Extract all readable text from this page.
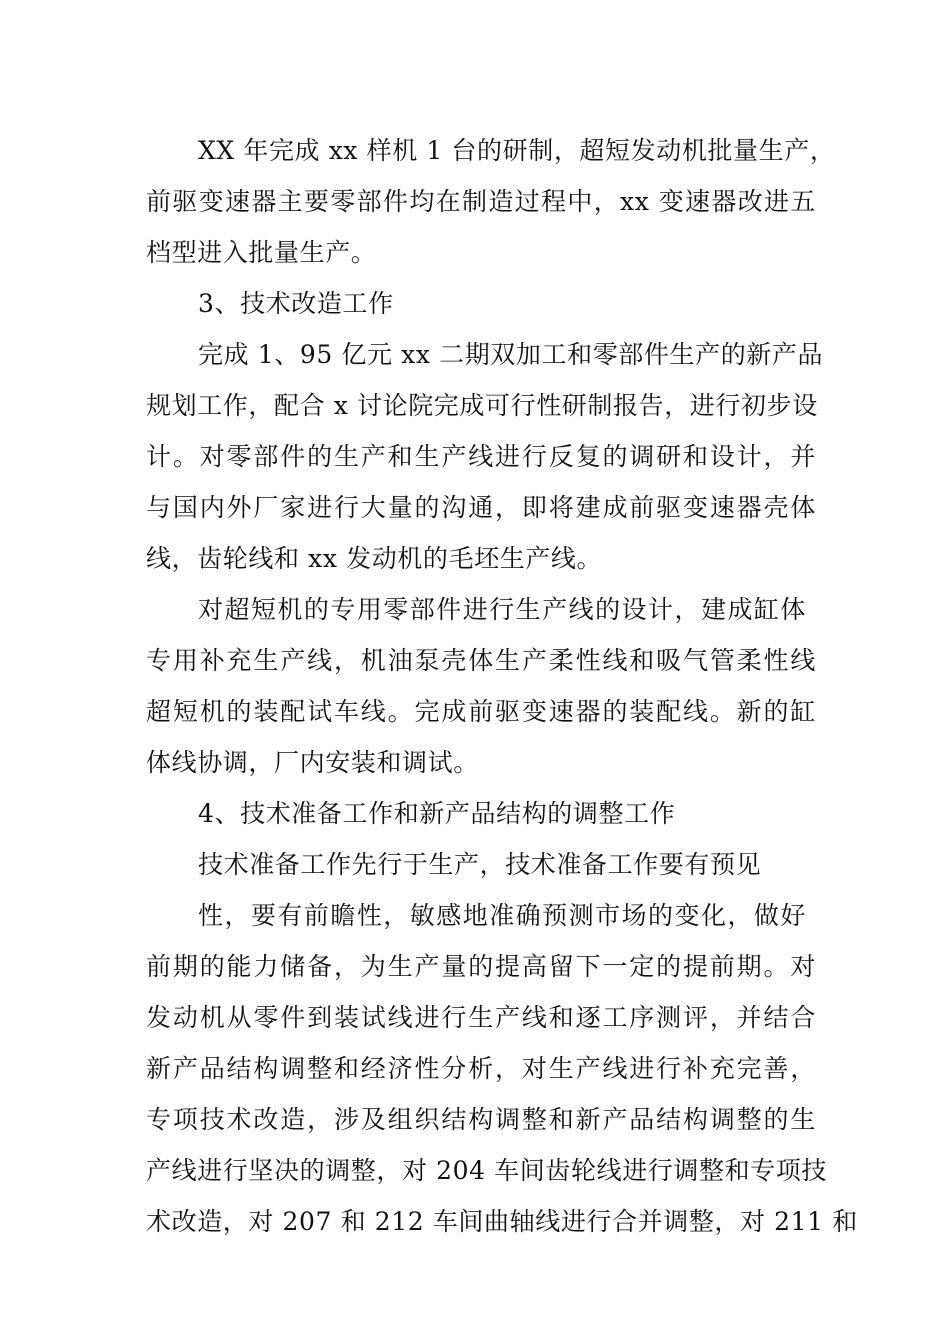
XX 年完成 xx 样机 1 台的研制，超短发动机批量生产，
前驱变速器主要零部件均在制造过程中，xx 变速器改进五
档型进入批量生产。
3、技术改造工作
完成 1、95 亿元 xx 二期双加工和零部件生产的新产品
规划工作，配合 x 讨论院完成可行性研制报告，进行初步设
计。对零部件的生产和生产线进行反复的调研和设计，并
与国内外厂家进行大量的沟通，即将建成前驱变速器壳体
线，齿轮线和 xx 发动机的毛坯生产线。
对超短机的专用零部件进行生产线的设计，建成缸体
专用补充生产线，机油泵壳体生产柔性线和吸气管柔性线
超短机的装配试车线。完成前驱变速器的装配线。新的缸
体线协调，厂内安装和调试。
4、技术准备工作和新产品结构的调整工作
技术准备工作先行于生产，技术准备工作要有预见
性，要有前瞻性，敏感地准确预测市场的变化，做好
前期的能力储备，为生产量的提高留下一定的提前期。对
发动机从零件到装试线进行生产线和逐工序测评，并结合
新产品结构调整和经济性分析，对生产线进行补充完善，
专项技术改造，涉及组织结构调整和新产品结构调整的生
产线进行坚决的调整，对 204 车间齿轮线进行调整和专项技
术改造，对 207 和 212 车间曲轴线进行合并调整，对 211 和
